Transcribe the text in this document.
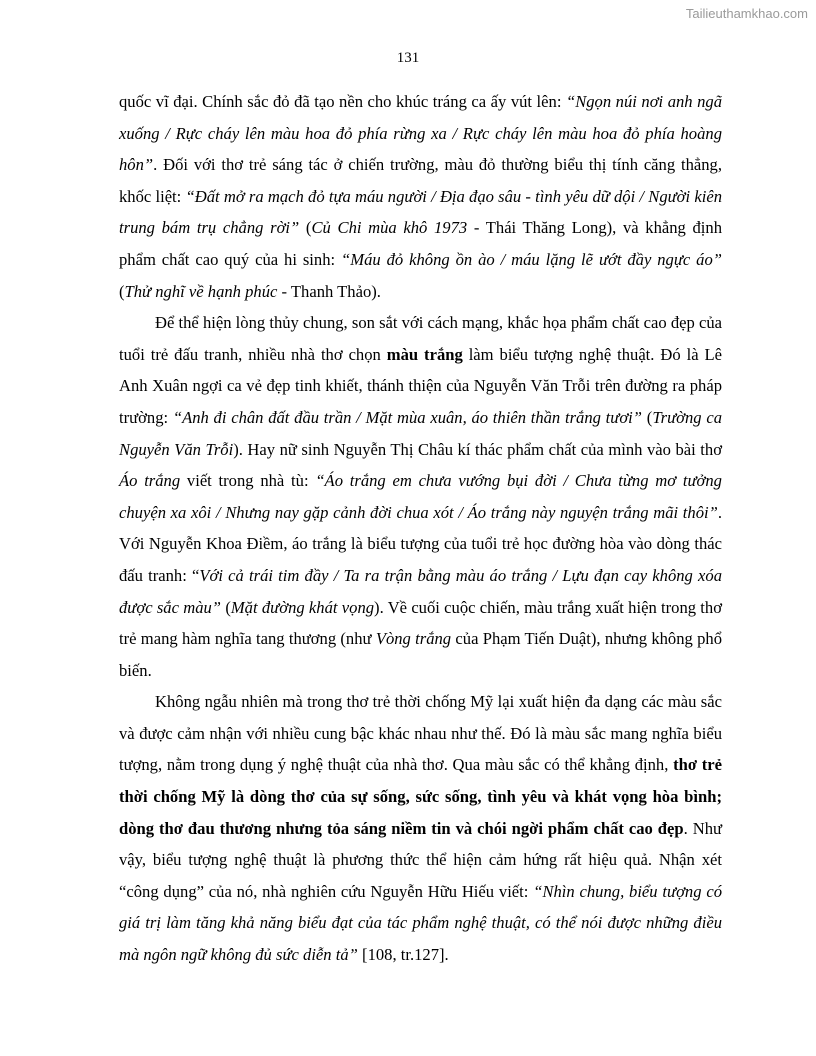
Tailieuthamkhao.com
131

quốc vĩ đại. Chính sắc đỏ đã tạo nền cho khúc tráng ca ấy vút lên: “Ngọn núi nơi anh ngã xuống / Rực cháy lên màu hoa đỏ phía rừng xa / Rực cháy lên màu hoa đỏ phía hoàng hôn”. Đối với thơ trẻ sáng tác ở chiến trường, màu đỏ thường biểu thị tính căng thẳng, khốc liệt: “Đất mở ra mạch đỏ tựa máu người / Địa đạo sâu - tình yêu dữ dội / Người kiên trung bám trụ chẳng rời” (Củ Chi mùa khô 1973 - Thái Thăng Long), và khẳng định phẩm chất cao quý của hi sinh: “Máu đỏ không ồn ào / máu lặng lẽ ướt đầy ngực áo” (Thử nghĩ về hạnh phúc - Thanh Thảo).

Để thể hiện lòng thủy chung, son sắt với cách mạng, khắc họa phẩm chất cao đẹp của tuổi trẻ đấu tranh, nhiều nhà thơ chọn màu trắng làm biểu tượng nghệ thuật. Đó là Lê Anh Xuân ngợi ca vẻ đẹp tinh khiết, thánh thiện của Nguyễn Văn Trỗi trên đường ra pháp trường: “Anh đi chân đất đầu trần / Mặt mùa xuân, áo thiên thần trắng tươi” (Trường ca Nguyễn Văn Trỗi). Hay nữ sinh Nguyễn Thị Châu kí thác phẩm chất của mình vào bài thơ Áo trắng viết trong nhà tù: “Áo trắng em chưa vướng bụi đời / Chưa từng mơ tưởng chuyện xa xôi / Nhưng nay gặp cảnh đời chua xót / Áo trắng này nguyện trắng mãi thôi”. Với Nguyễn Khoa Điềm, áo trắng là biểu tượng của tuổi trẻ học đường hòa vào dòng thác đấu tranh: “Với cả trái tim đầy / Ta ra trận bằng màu áo trắng / Lựu đạn cay không xóa được sắc màu” (Mặt đường khát vọng). Về cuối cuộc chiến, màu trắng xuất hiện trong thơ trẻ mang hàm nghĩa tang thương (như Vòng trắng của Phạm Tiến Duật), nhưng không phổ biến.

Không ngẫu nhiên mà trong thơ trẻ thời chống Mỹ lại xuất hiện đa dạng các màu sắc và được cảm nhận với nhiều cung bậc khác nhau như thế. Đó là màu sắc mang nghĩa biểu tượng, nằm trong dụng ý nghệ thuật của nhà thơ. Qua màu sắc có thể khẳng định, thơ trẻ thời chống Mỹ là dòng thơ của sự sống, sức sống, tình yêu và khát vọng hòa bình; dòng thơ đau thương nhưng tỏa sáng niềm tin và chói ngời phẩm chất cao đẹp. Như vậy, biểu tượng nghệ thuật là phương thức thể hiện cảm hứng rất hiệu quả. Nhận xét “công dụng” của nó, nhà nghiên cứu Nguyễn Hữu Hiếu viết: “Nhìn chung, biểu tượng có giá trị làm tăng khả năng biểu đạt của tác phẩm nghệ thuật, có thể nói được những điều mà ngôn ngữ không đủ sức diễn tả” [108, tr.127].
